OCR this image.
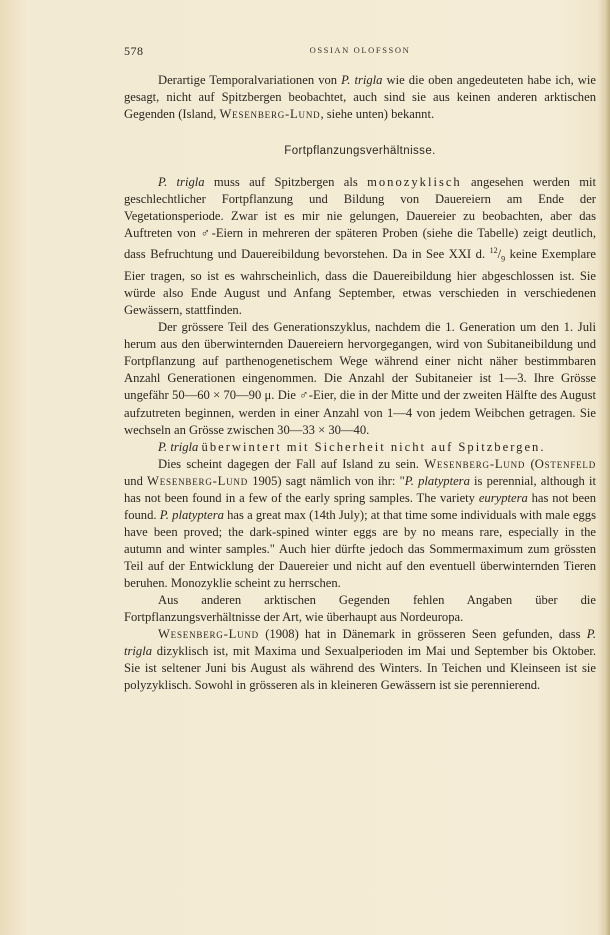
578	OSSIAN OLOFSSON

Derartige Temporalvariationen von P. trigla wie die oben angedeuteten habe ich, wie gesagt, nicht auf Spitzbergen beobachtet, auch sind sie aus keinen anderen arktischen Gegenden (Island, Wesenberg-Lund, siehe unten) bekannt.

Fortpflanzungsverhältnisse.

P. trigla muss auf Spitzbergen als monozyklisch angesehen werden mit geschlechtlicher Fortpflanzung und Bildung von Dauereiern am Ende der Vegetationsperiode. Zwar ist es mir nie gelungen, Dauereier zu beobachten, aber das Auftreten von ♂-Eiern in mehreren der späteren Proben (siehe die Tabelle) zeigt deutlich, dass Befruchtung und Dauereibildung bevorstehen. Da in See XXI d. $^{12}/_9$ keine Exemplare Eier tragen, so ist es wahrscheinlich, dass die Dauereibildung hier abgeschlossen ist. Sie würde also Ende August und Anfang September, etwas verschieden in verschiedenen Gewässern, stattfinden.

Der grössere Teil des Generationszyklus, nachdem die 1. Generation um den 1. Juli herum aus den überwinternden Dauereiern hervorgegangen, wird von Subitaneibildung und Fortpflanzung auf parthenogenetischem Wege während einer nicht näher bestimmbaren Anzahl Generationen eingenommen. Die Anzahl der Subitaneier ist 1—3. Ihre Grösse ungefähr 50—60 × 70—90 μ. Die ♂-Eier, die in der Mitte und der zweiten Hälfte des August aufzutreten beginnen, werden in einer Anzahl von 1—4 von jedem Weibchen getragen. Sie wechseln an Grösse zwischen 30—33 × 30—40.

P. trigla überwintert mit Sicherheit nicht auf Spitzbergen.

Dies scheint dagegen der Fall auf Island zu sein. Wesenberg-Lund (Ostenfeld und Wesenberg-Lund 1905) sagt nämlich von ihr: "P. platyptera is perennial, although it has not been found in a few of the early spring samples. The variety euryptera has not been found. P. platyptera has a great max (14th July); at that time some individuals with male eggs have been proved; the dark-spined winter eggs are by no means rare, especially in the autumn and winter samples." Auch hier dürfte jedoch das Sommermaximum zum grössten Teil auf der Entwicklung der Dauereier und nicht auf den eventuell überwinternden Tieren beruhen. Monozyklie scheint zu herrschen.

Aus anderen arktischen Gegenden fehlen Angaben über die Fortpflanzungsverhältnisse der Art, wie überhaupt aus Nordeuropa.

Wesenberg-Lund (1908) hat in Dänemark in grösseren Seen gefunden, dass P. trigla dizyklisch ist, mit Maxima und Sexualperioden im Mai und September bis Oktober. Sie ist seltener Juni bis August als während des Winters. In Teichen und Kleinseen ist sie polyzyklisch. Sowohl in grösseren als in kleineren Gewässern ist sie perennierend.
